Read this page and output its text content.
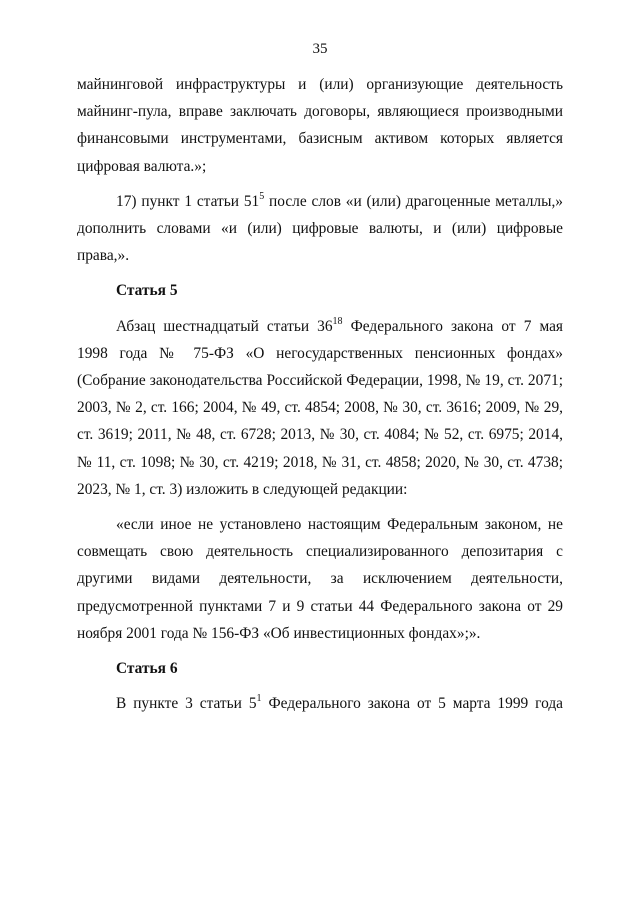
35

майнинговой инфраструктуры и (или) организующие деятельность майнинг-пула, вправе заключать договоры, являющиеся производными финансовыми инструментами, базисным активом которых является цифровая валюта.»;

17) пункт 1 статьи $51^5$ после слов «и (или) драгоценные металлы,» дополнить словами «и (или) цифровые валюты, и (или) цифровые права,».

Статья 5

Абзац шестнадцатый статьи $36^{18}$ Федерального закона от 7 мая 1998 года № 75-ФЗ «О негосударственных пенсионных фондах» (Собрание законодательства Российской Федерации, 1998, № 19, ст. 2071; 2003, № 2, ст. 166; 2004, № 49, ст. 4854; 2008, № 30, ст. 3616; 2009, № 29, ст. 3619; 2011, № 48, ст. 6728; 2013, № 30, ст. 4084; № 52, ст. 6975; 2014, № 11, ст. 1098; № 30, ст. 4219; 2018, № 31, ст. 4858; 2020, № 30, ст. 4738; 2023, № 1, ст. 3) изложить в следующей редакции:

«если иное не установлено настоящим Федеральным законом, не совмещать свою деятельность специализированного депозитария с другими видами деятельности, за исключением деятельности, предусмотренной пунктами 7 и 9 статьи 44 Федерального закона от 29 ноября 2001 года № 156-ФЗ «Об инвестиционных фондах»;».

Статья 6

В пункте 3 статьи $5^1$ Федерального закона от 5 марта 1999 года
